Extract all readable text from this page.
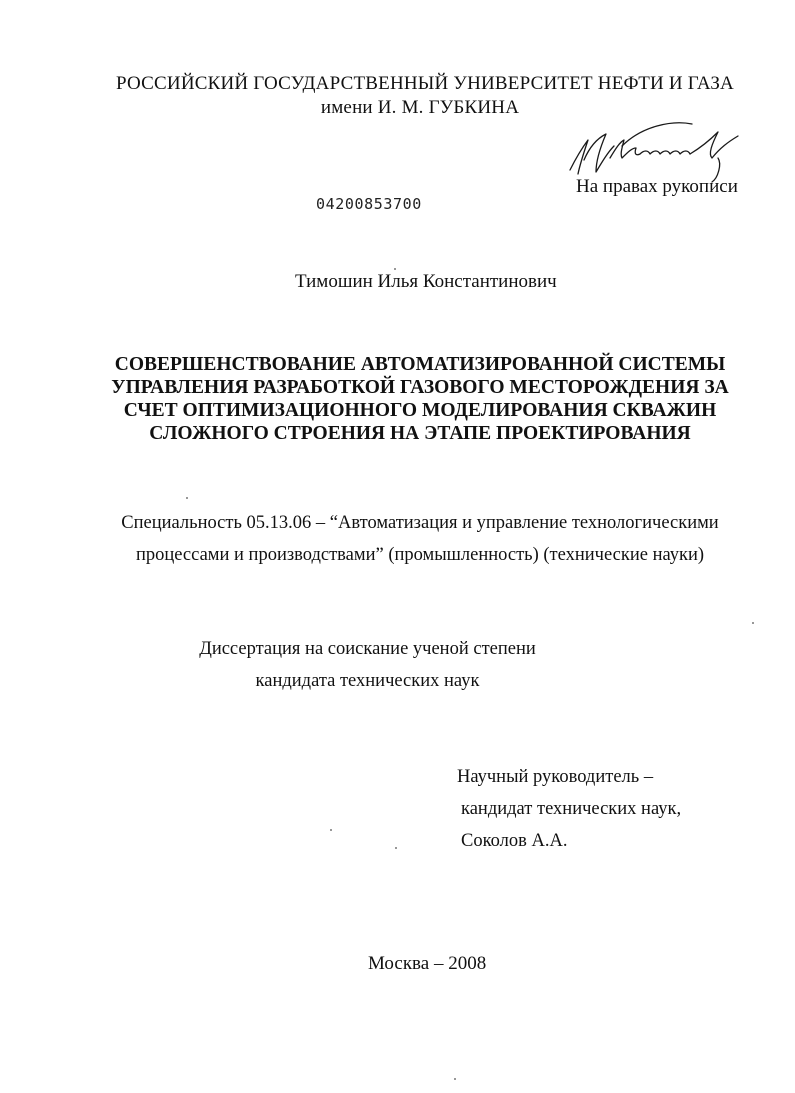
РОССИЙСКИЙ ГОСУДАРСТВЕННЫЙ УНИВЕРСИТЕТ НЕФТИ И ГАЗА
имени И. М. ГУБКИНА
На правах рукописи
04200853700
Тимошин Илья Константинович
СОВЕРШЕНСТВОВАНИЕ АВТОМАТИЗИРОВАННОЙ СИСТЕМЫ
УПРАВЛЕНИЯ РАЗРАБОТКОЙ ГАЗОВОГО МЕСТОРОЖДЕНИЯ ЗА
СЧЕТ ОПТИМИЗАЦИОННОГО МОДЕЛИРОВАНИЯ СКВАЖИН
СЛОЖНОГО СТРОЕНИЯ НА ЭТАПЕ ПРОЕКТИРОВАНИЯ
Специальность 05.13.06 – “Автоматизация и управление технологическими
процессами и производствами” (промышленность) (технические науки)
Диссертация на соискание ученой степени
кандидата технических наук
Научный руководитель –
кандидат технических наук,
Соколов А.А.
Москва – 2008
